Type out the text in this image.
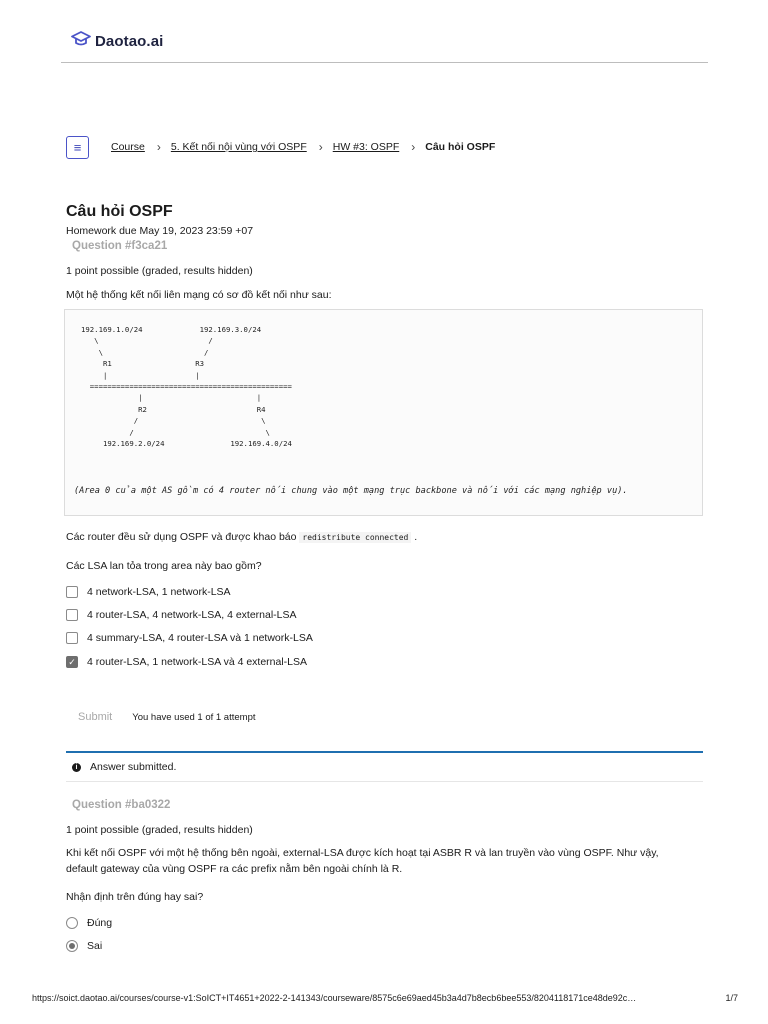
Daotao.ai
≡	Course › 5. Kết nối nội vùng với OSPF › HW #3: OSPF › Câu hỏi OSPF
Câu hỏi OSPF
Homework due May 19, 2023 23:59 +07
Question #f3ca21
1 point possible (graded, results hidden)
Một hệ thống kết nối liên mạng có sơ đồ kết nối như sau:
192.169.1.0/24             192.169.3.0/24
\                         /
\                       /
R1                   R3
|                    |
==============================================
|                          |
R2                         R4
/                            \
/                              \
192.169.2.0/24               192.169.4.0/24
(Area 0 của một AS gồm có 4 router nối chung vào một mạng trục backbone và nối với các mạng nghiệp vụ).
Các router đều sử dụng OSPF và được khao báo redistribute connected .
Các LSA lan tỏa trong area này bao gồm?
4 network-LSA, 1 network-LSA
4 router-LSA, 4 network-LSA, 4 external-LSA
4 summary-LSA, 4 router-LSA và 1 network-LSA
✓ 4 router-LSA, 1 network-LSA và 4 external-LSA
Submit	You have used 1 of 1 attempt
i	Answer submitted.
Question #ba0322
1 point possible (graded, results hidden)
Khi kết nối OSPF với một hệ thống bên ngoài, external-LSA được kích hoạt tại ASBR R và lan truyền vào vùng OSPF. Như vậy,
default gateway của vùng OSPF ra các prefix nằm bên ngoài chính là R.
Nhận định trên đúng hay sai?
Đúng
Sai
https://soict.daotao.ai/courses/course-v1:SoICT+IT4651+2022-2-141343/courseware/8575c6e69aed45b3a4d7b8ecb6bee553/8204118171ce48de92c…	1/7
